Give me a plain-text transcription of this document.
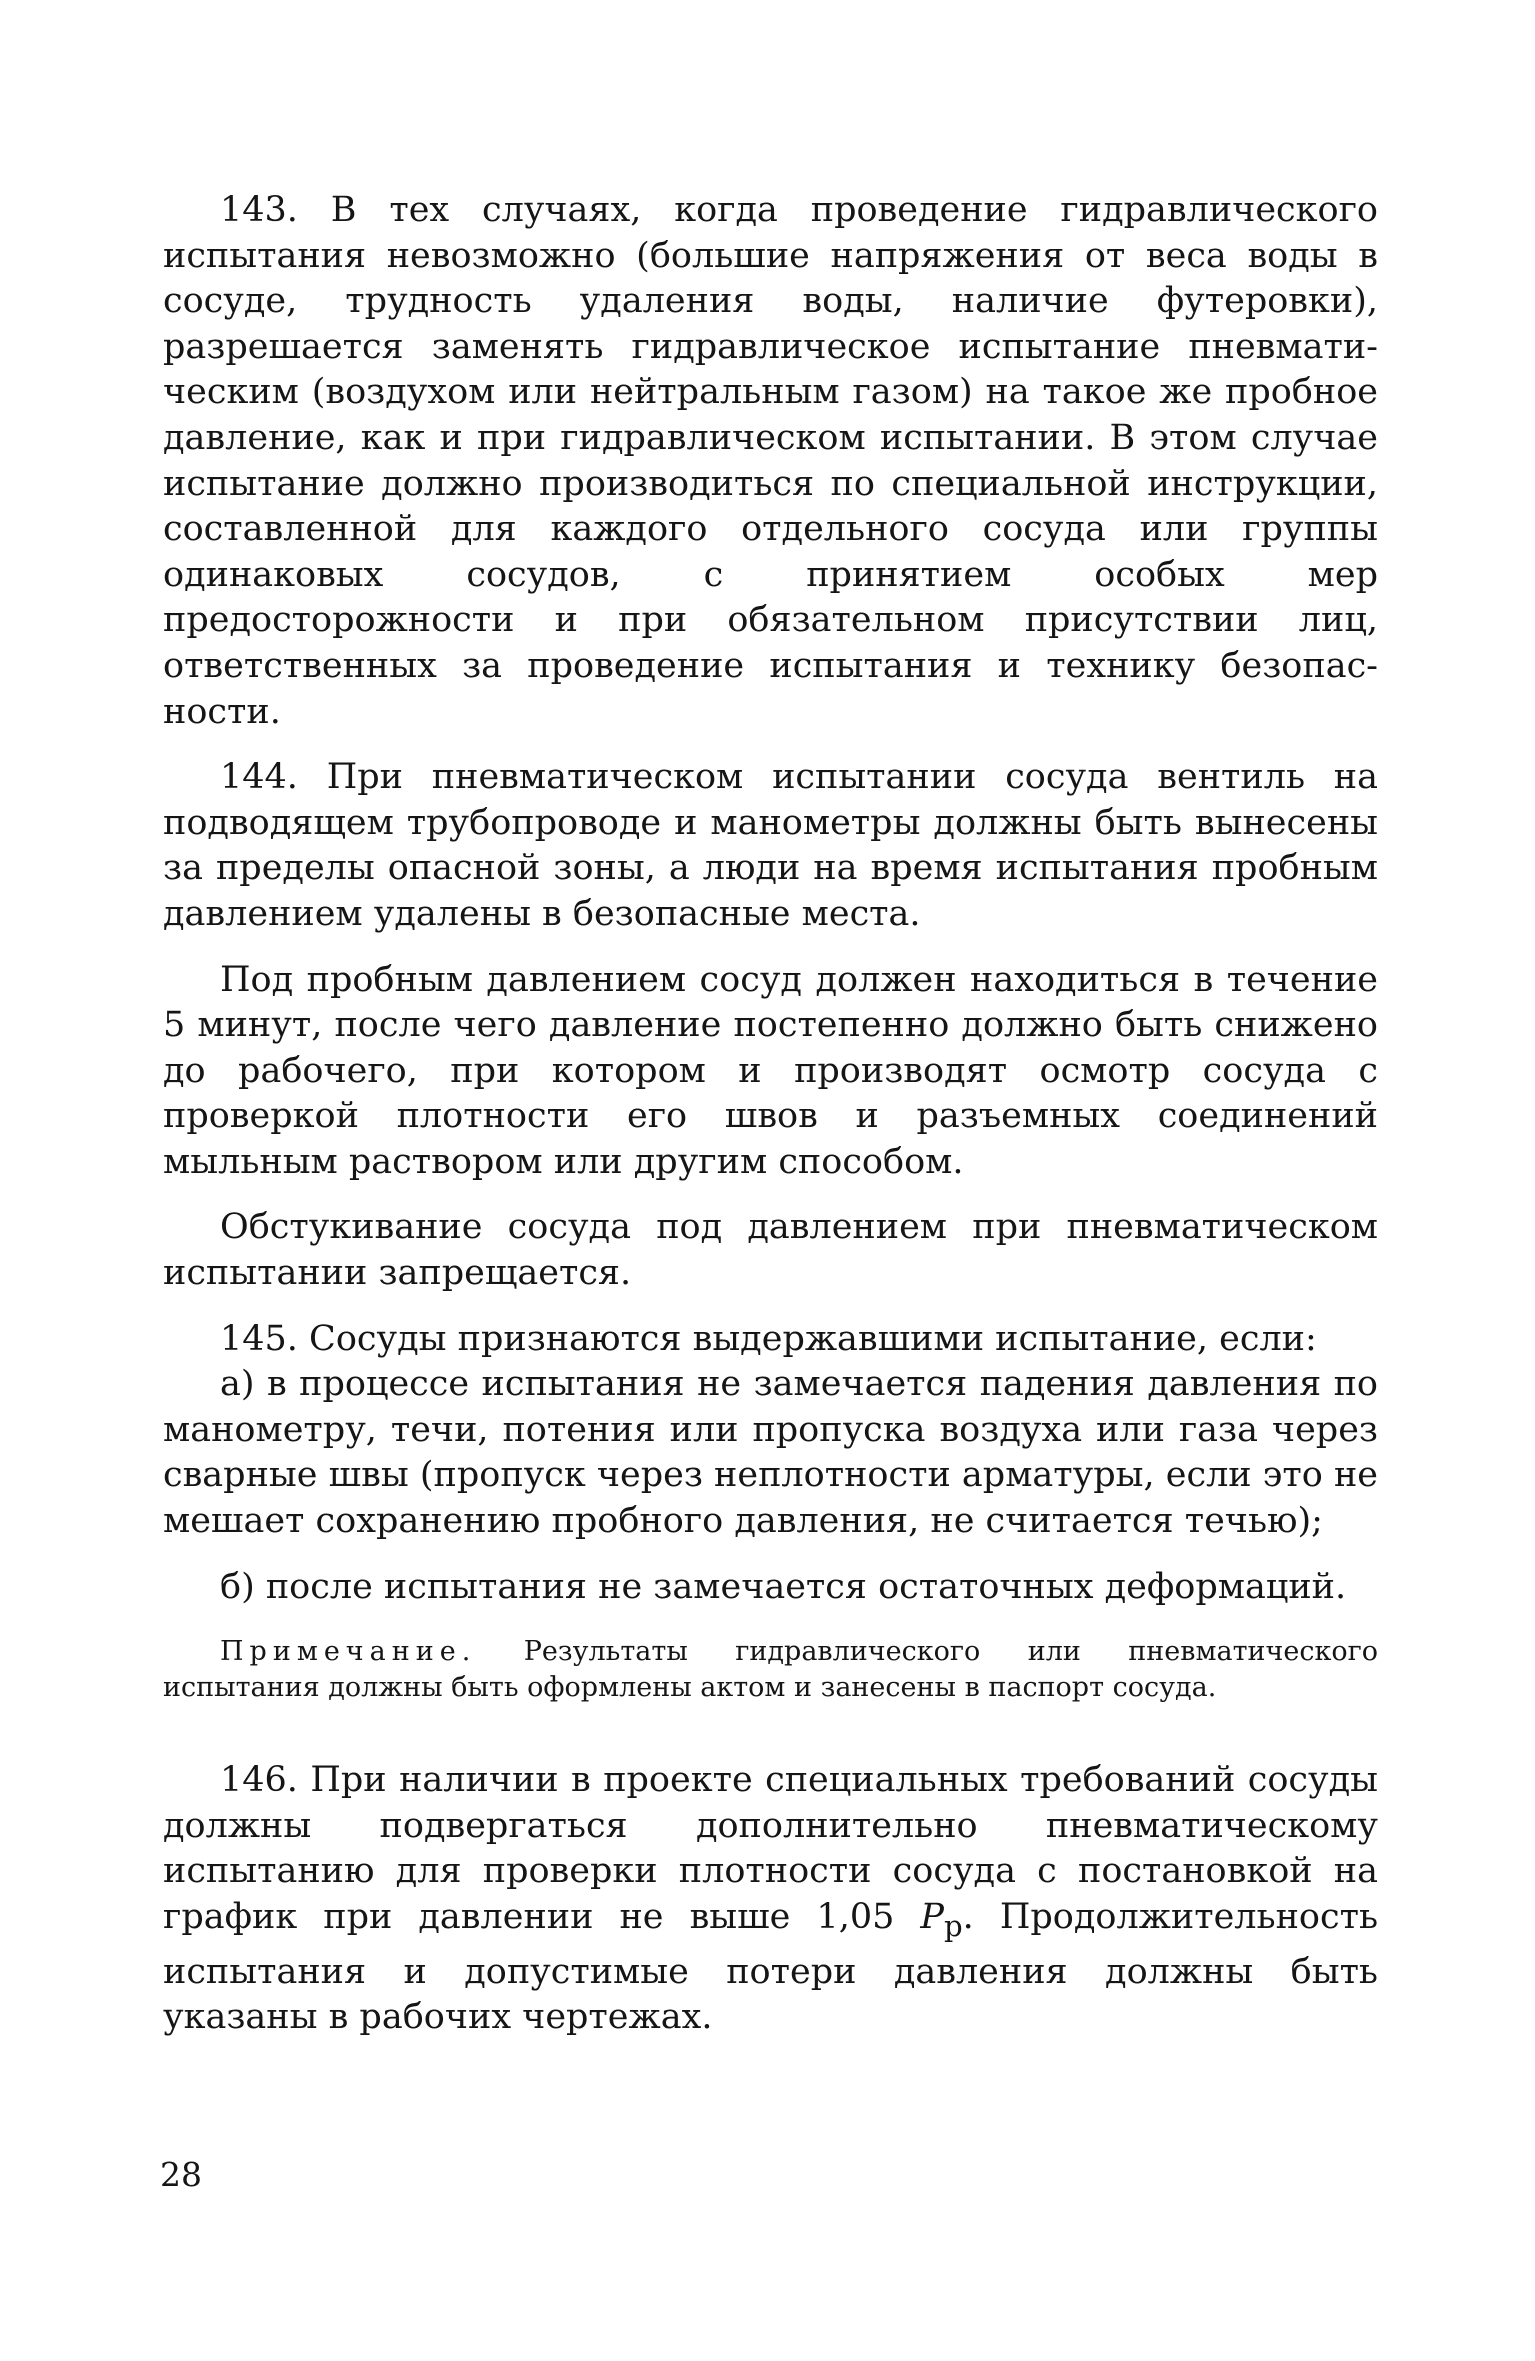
143. В тех случаях, когда проведение гидравлического испытания невозможно (большие напряжения от веса воды в сосуде, трудность удаления воды, наличие футеровки), разрешается заменять гидравлическое испытание пневматическим (воздухом или нейтральным газом) на такое же пробное давление, как и при гидравлическом испытании. В этом случае испытание должно производиться по специальной инструкции, составленной для каждого отдельного сосуда или группы одинаковых сосудов, с принятием особых мер предосторожности и при обязательном присутствии лиц, ответственных за проведение испытания и технику безопасности.

144. При пневматическом испытании сосуда вентиль на подводящем трубопроводе и манометры должны быть вынесены за пределы опасной зоны, а люди на время испытания пробным давлением удалены в безопасные места.

Под пробным давлением сосуд должен находиться в течение 5 минут, после чего давление постепенно должно быть снижено до рабочего, при котором и производят осмотр сосуда с проверкой плотности его швов и разъемных соединений мыльным раствором или другим способом.

Обстукивание сосуда под давлением при пневматическом испытании запрещается.

145. Сосуды признаются выдержавшими испытание, если:

а) в процессе испытания не замечается падения давления по манометру, течи, потения или пропуска воздуха или газа через сварные швы (пропуск через неплотности арматуры, если это не мешает сохранению пробного давления, не считается течью);

б) после испытания не замечается остаточных деформаций.

Примечание. Результаты гидравлического или пневматического испытания должны быть оформлены актом и занесены в паспорт сосуда.

146. При наличии в проекте специальных требований сосуды должны подвергаться дополнительно пневматическому испытанию для проверки плотности сосуда с постановкой на график при давлении не выше 1,05 $P_р$. Продолжительность испытания и допустимые потери давления должны быть указаны в рабочих чертежах.

28
